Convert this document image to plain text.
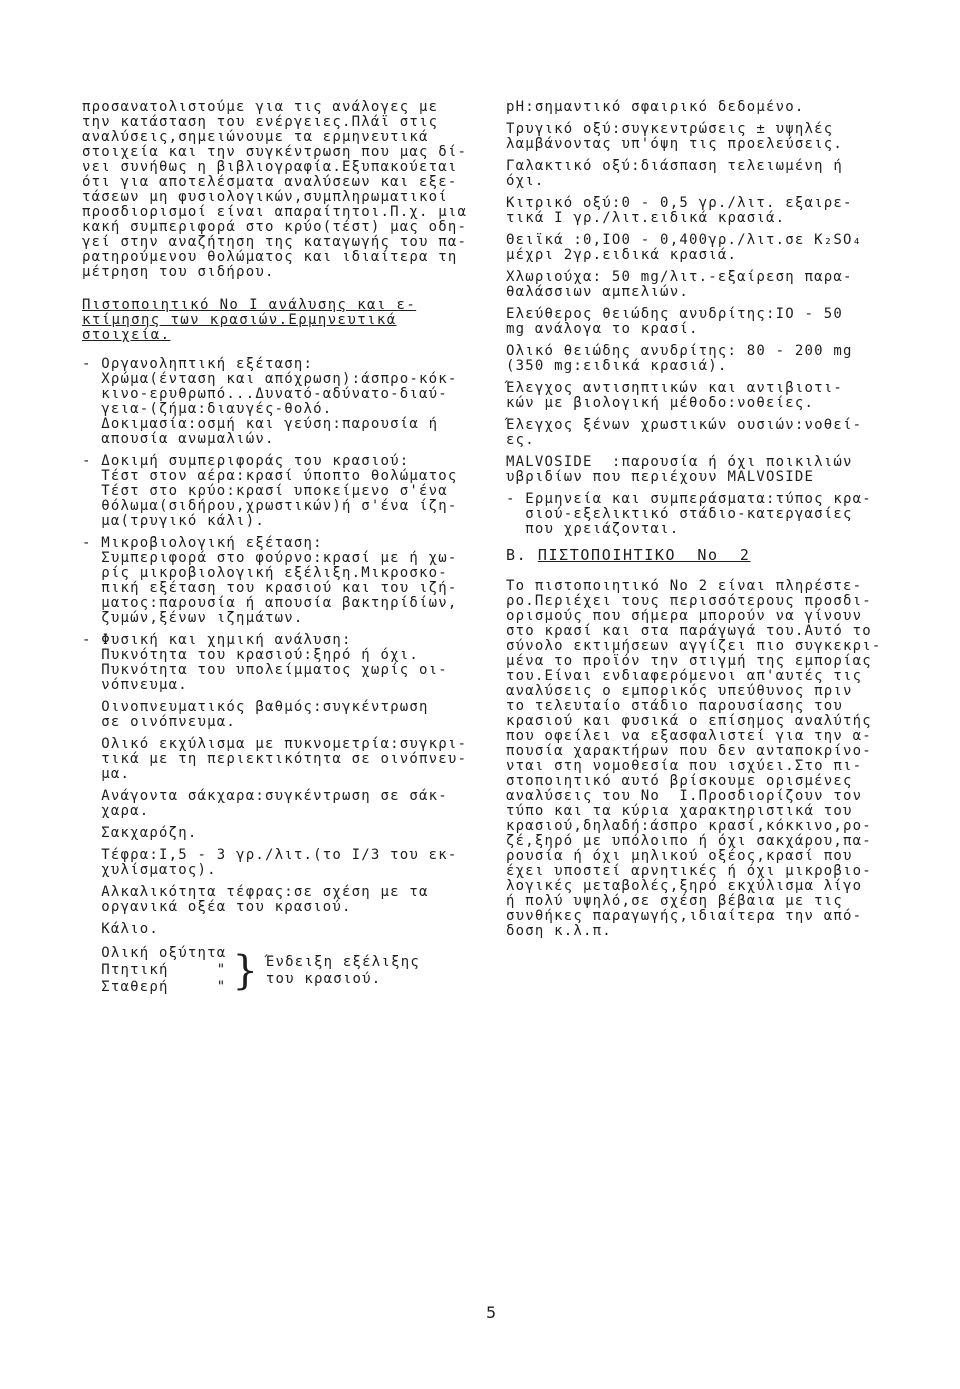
προσανατολιστούμε για τις ανάλογες με
την κατάσταση του ενέργειες.Πλάϊ στις
αναλύσεις,σημειώνουμε τα ερμηνευτικά
στοιχεία και την συγκέντρωση που μας δί-
νει συνήθως η βιβλιογραφία.Εξυπακούεται
ότι για αποτελέσματα αναλύσεων και εξε-
τάσεων μη φυσιολογικών,συμπληρωματικοί
προσδιορισμοί είναι απαραίτητοι.Π.χ. μια
κακή συμπεριφορά στο κρύο(τέστ) μας οδη-
γεί στην αναζήτηση της καταγωγής του πα-
ρατηρούμενου θολώματος και ιδιαίτερα τη
μέτρηση του σιδήρου.

Πιστοποιητικό Νο Ι ανάλυσης και ε-
κτίμησης των κρασιών.Ερμηνευτικά
στοιχεία.

- Οργανοληπτική εξέταση:
Χρώμα(ένταση και απόχρωση):άσπρο-κόκ-
κινο-ερυθρωπό...Δυνατό-αδύνατο-διαύ-
γεια-(ζήμα:διαυγές-θολό.
Δοκιμασία:οσμή και γεύση:παρουσία ή
απουσία ανωμαλιών.

- Δοκιμή συμπεριφοράς του κρασιού:
Τέστ στον αέρα:κρασί ύποπτο θολώματος
Τέστ στο κρύο:κρασί υποκείμενο σ'ένα
θόλωμα(σιδήρου,χρωστικών)ή σ'ένα ίζη-
μα(τρυγικό κάλι).

- Μικροβιολογική εξέταση:
Συμπεριφορά στο φούρνο:κρασί με ή χω-
ρίς μικροβιολογική εξέλιξη.Μικροσκο-
πική εξέταση του κρασιού και του ιζή-
ματος:παρουσία ή απουσία βακτηρίδίων,
ζυμών,ξένων ιζημάτων.

- Φυσική και χημική ανάλυση:
Πυκνότητα του κρασιού:ξηρό ή όχι.
Πυκνότητα του υπολείμματος χωρίς οι-
νόπνευμα.

Οινοπνευματικός βαθμός:συγκέντρωση
σε οινόπνευμα.

Ολικό εκχύλισμα με πυκνομετρία:συγκρι-
τικά με τη περιεκτικότητα σε οινόπνευ-
μα.

Ανάγοντα σάκχαρα:συγκέντρωση σε σάκ-
χαρα.

Σακχαρόζη.

Τέφρα:Ι,5 - 3 γρ./λιτ.(το Ι/3 του εκ-
χυλίσματος).

Αλκαλικότητα τέφρας:σε σχέση με τα
οργανικά οξέα του κρασιού.

Κάλιο.

Ολική οξύτητα
Πτητική     "
Σταθερή     " } Ένδειξη εξέλιξης
του κρασιού.

pH:σημαντικό σφαιρικό δεδομένο.

Τρυγικό οξύ:συγκεντρώσεις ± υψηλές
λαμβάνοντας υπ'όψη τις προελεύσεις.

Γαλακτικό οξύ:διάσπαση τελειωμένη ή
όχι.

Κιτρικό οξύ:0 - 0,5 γρ./λιτ. εξαιρε-
τικά Ι γρ./λιτ.ειδικά κρασιά.

Θειϊκά :0,ΙΟ0 - 0,400γρ./λιτ.σε K₂SO₄
μέχρι 2γρ.ειδικά κρασιά.

Χλωριούχα: 50 mg/λιτ.-εξαίρεση παρα-
θαλάσσιων αμπελιών.

Ελεύθερος θειώδης ανυδρίτης:ΙΟ - 50
mg ανάλογα το κρασί.

Ολικό θειώδης ανυδρίτης: 80 - 200 mg
(350 mg:ειδικά κρασιά).

Έλεγχος αντισηπτικών και αντιβιοτι-
κών με βιολογική μέθοδο:νοθείες.

Έλεγχος ξένων χρωστικών ουσιών:νοθεί-
ες.

MALVOSIDE  :παρουσία ή όχι ποικιλιών
υβριδίων που περιέχουν MALVOSIDE

- Ερμηνεία και συμπεράσματα:τύπος κρα-
σιού-εξελικτικό στάδιο-κατεργασίες
που χρειάζονται.

Β. ΠΙΣΤΟΠΟΙΗΤΙΚΟ  Νο  2

Το πιστοποιητικό Νο 2 είναι πληρέστε-
ρο.Περιέχει τους περισσότερους προσδι-
ορισμούς που σήμερα μπορούν να γίνουν
στο κρασί και στα παράγωγά του.Αυτό το
σύνολο εκτιμήσεων αγγίζει πιο συγκεκρι-
μένα το προϊόν την στιγμή της εμπορίας
του.Είναι ενδιαφερόμενοι απ'αυτές τις
αναλύσεις ο εμπορικός υπεύθυνος πριν
το τελευταίο στάδιο παρουσίασης του
κρασιού και φυσικά ο επίσημος αναλύτής
που οφείλει να εξασφαλιστεί για την α-
πουσία χαρακτήρων που δεν ανταποκρίνο-
νται στη νομοθεσία που ισχύει.Στο πι-
στοποιητικό αυτό βρίσκουμε ορισμένες
αναλύσεις του Νο  Ι.Προσδιορίζουν τον
τύπο και τα κύρια χαρακτηριστικά του
κρασιού,δηλαδή:άσπρο κρασί,κόκκινο,ρο-
ζέ,ξηρό με υπόλοιπο ή όχι σακχάρου,πα-
ρουσία ή όχι μηλικού οξέος,κρασί που
έχει υποστεί αρνητικές ή όχι μικροβιο-
λογικές μεταβολές,ξηρό εκχύλισμα λίγο
ή πολύ υψηλό,σε σχέση βέβαια με τις
συνθήκες παραγωγής,ιδιαίτερα την από-
δοση κ.λ.π.

5
